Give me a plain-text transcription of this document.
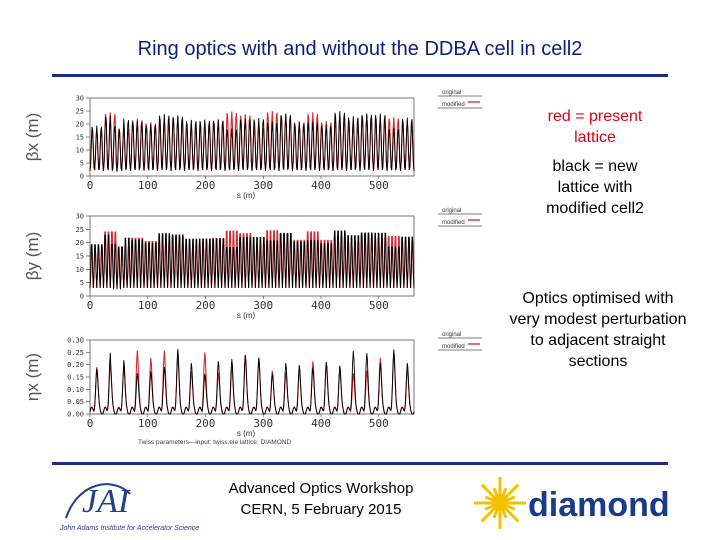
Ring optics with and without the DDBA cell in cell2
30
25
20
15
10
5
0
0	100	200	300	400	500
s (m)
βx (m)
original
modified
30
25
20
15
10
5
0
0	100	200	300	400	500
s (m)
βy (m)
original
modified
0.30
0.25
0.20
0.15
0.10
0.05
0.00
0	100	200	300	400	500
s (m)
ηx (m)
original
modified
Twiss parameters—input: twiss.ele lattice: DIAMOND
red = present lattice
black = new lattice with modified cell2
Optics optimised with very modest perturbation to adjacent straight sections
JAI
John Adams Institute for Accelerator Science
Advanced Optics Workshop
CERN, 5 February 2015	diamond
